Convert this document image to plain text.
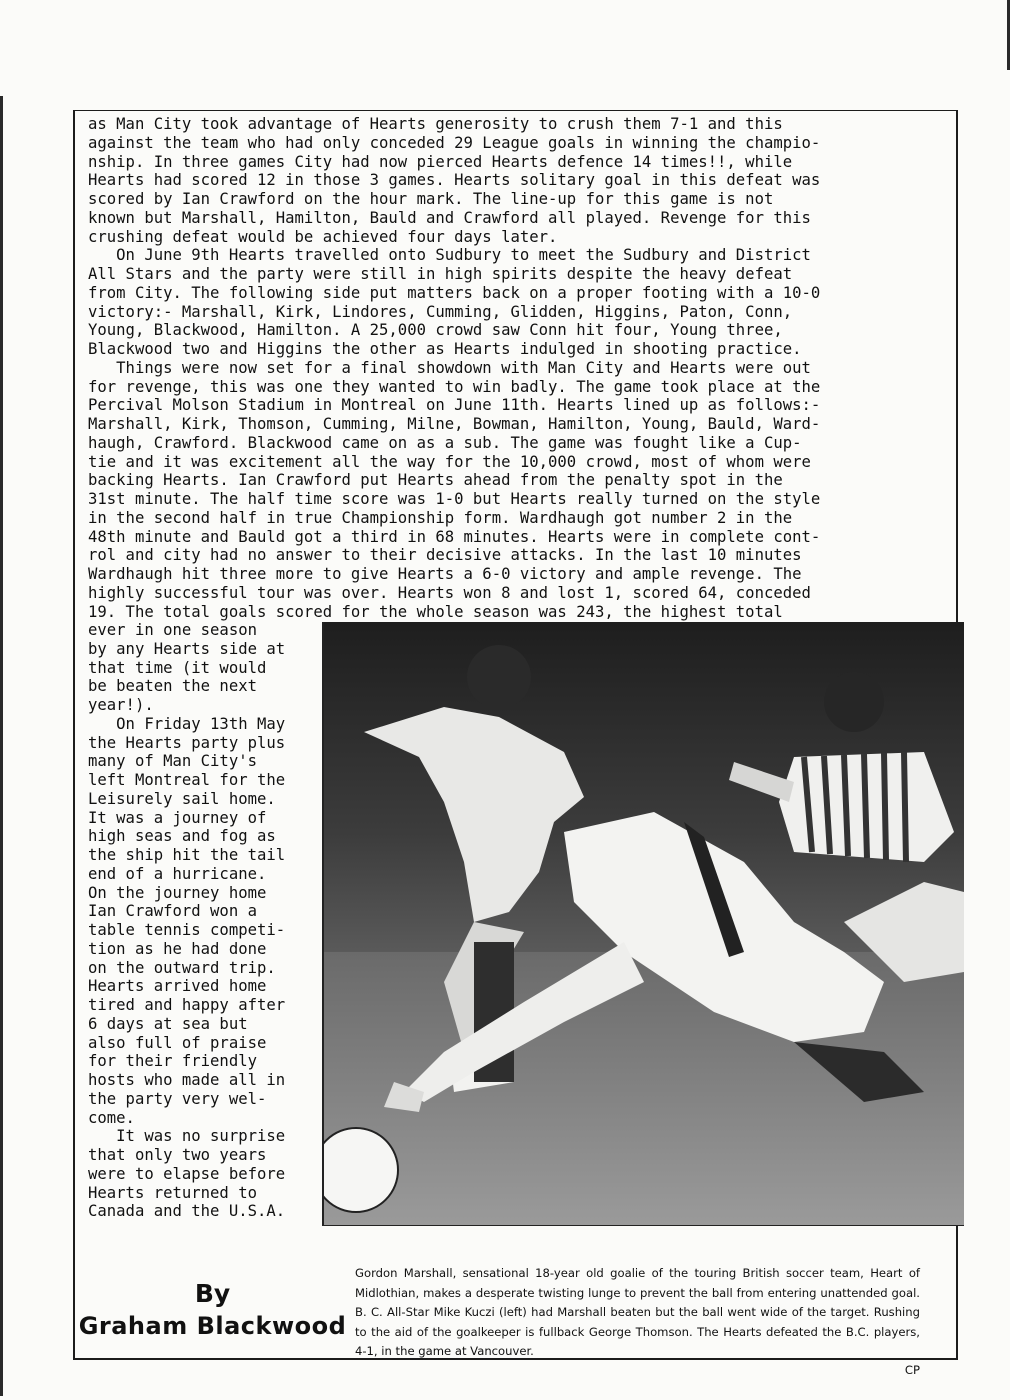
as Man City took advantage of Hearts generosity to crush them 7-1 and this
against the team who had only conceded 29 League goals in winning the champio-
nship. In three games City had now pierced Hearts defence 14 times!!, while
Hearts had scored 12 in those 3 games. Hearts solitary goal in this defeat was
scored by Ian Crawford on the hour mark. The line-up for this game is not
known but Marshall, Hamilton, Bauld and Crawford all played. Revenge for this
crushing defeat would be achieved four days later.
On June 9th Hearts travelled onto Sudbury to meet the Sudbury and District
All Stars and the party were still in high spirits despite the heavy defeat
from City. The following side put matters back on a proper footing with a 10-0
victory:- Marshall, Kirk, Lindores, Cumming, Glidden, Higgins, Paton, Conn,
Young, Blackwood, Hamilton. A 25,000 crowd saw Conn hit four, Young three,
Blackwood two and Higgins the other as Hearts indulged in shooting practice.
Things were now set for a final showdown with Man City and Hearts were out
for revenge, this was one they wanted to win badly. The game took place at the
Percival Molson Stadium in Montreal on June 11th. Hearts lined up as follows:-
Marshall, Kirk, Thomson, Cumming, Milne, Bowman, Hamilton, Young, Bauld, Ward-
haugh, Crawford. Blackwood came on as a sub. The game was fought like a Cup-
tie and it was excitement all the way for the 10,000 crowd, most of whom were
backing Hearts. Ian Crawford put Hearts ahead from the penalty spot in the
31st minute. The half time score was 1-0 but Hearts really turned on the style
in the second half in true Championship form. Wardhaugh got number 2 in the
48th minute and Bauld got a third in 68 minutes. Hearts were in complete cont-
rol and city had no answer to their decisive attacks. In the last 10 minutes
Wardhaugh hit three more to give Hearts a 6-0 victory and ample revenge. The
highly successful tour was over. Hearts won 8 and lost 1, scored 64, conceded
19. The total goals scored for the whole season was 243, the highest total
ever in one season
by any Hearts side at
that time (it would
be beaten the next
year!).
On Friday 13th May
the Hearts party plus
many of Man City's
left Montreal for the
Leisurely sail home.
It was a journey of
high seas and fog as
the ship hit the tail
end of a hurricane.
On the journey home
Ian Crawford won a
table tennis competi-
tion as he had done
on the outward trip.
Hearts arrived home
tired and happy after
6 days at sea but
also full of praise
for their friendly
hosts who made all in
the party very wel-
come.
It was no surprise
that only two years
were to elapse before
Hearts returned to
Canada and the U.S.A.

Gordon Marshall, sensational 18-year old goalie of the touring British soccer team, Heart of Midlothian, makes a desperate twisting lunge to prevent the ball from entering unattended goal. B. C. All-Star Mike Kuczi (left) had Marshall beaten but the ball went wide of the target. Rushing to the aid of the goalkeeper is fullback George Thomson. The Hearts defeated the B.C. players, 4-1, in the game at Vancouver.

CP

By
Graham Blackwood
